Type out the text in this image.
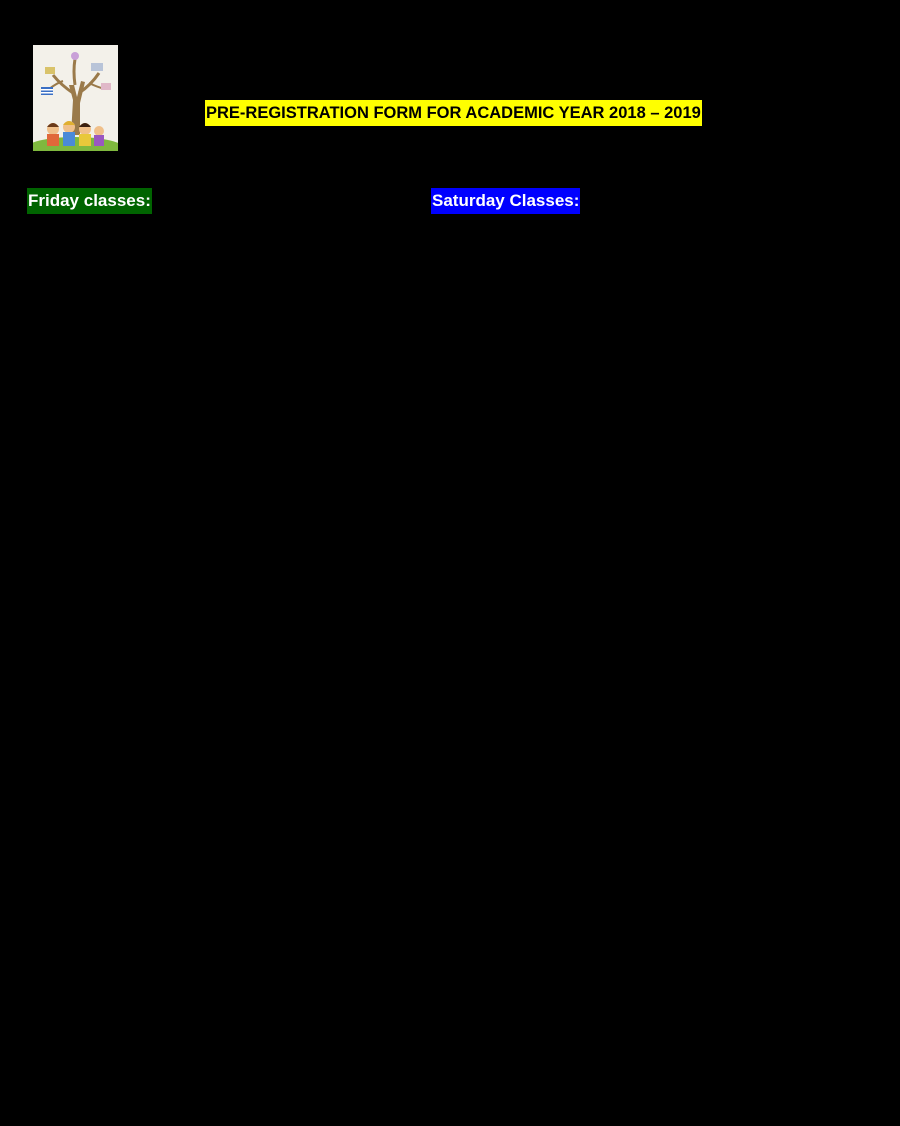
PRE-REGISTRATION FORM FOR ACADEMIC YEAR 2018 – 2019
Friday classes:	Saturday Classes:
